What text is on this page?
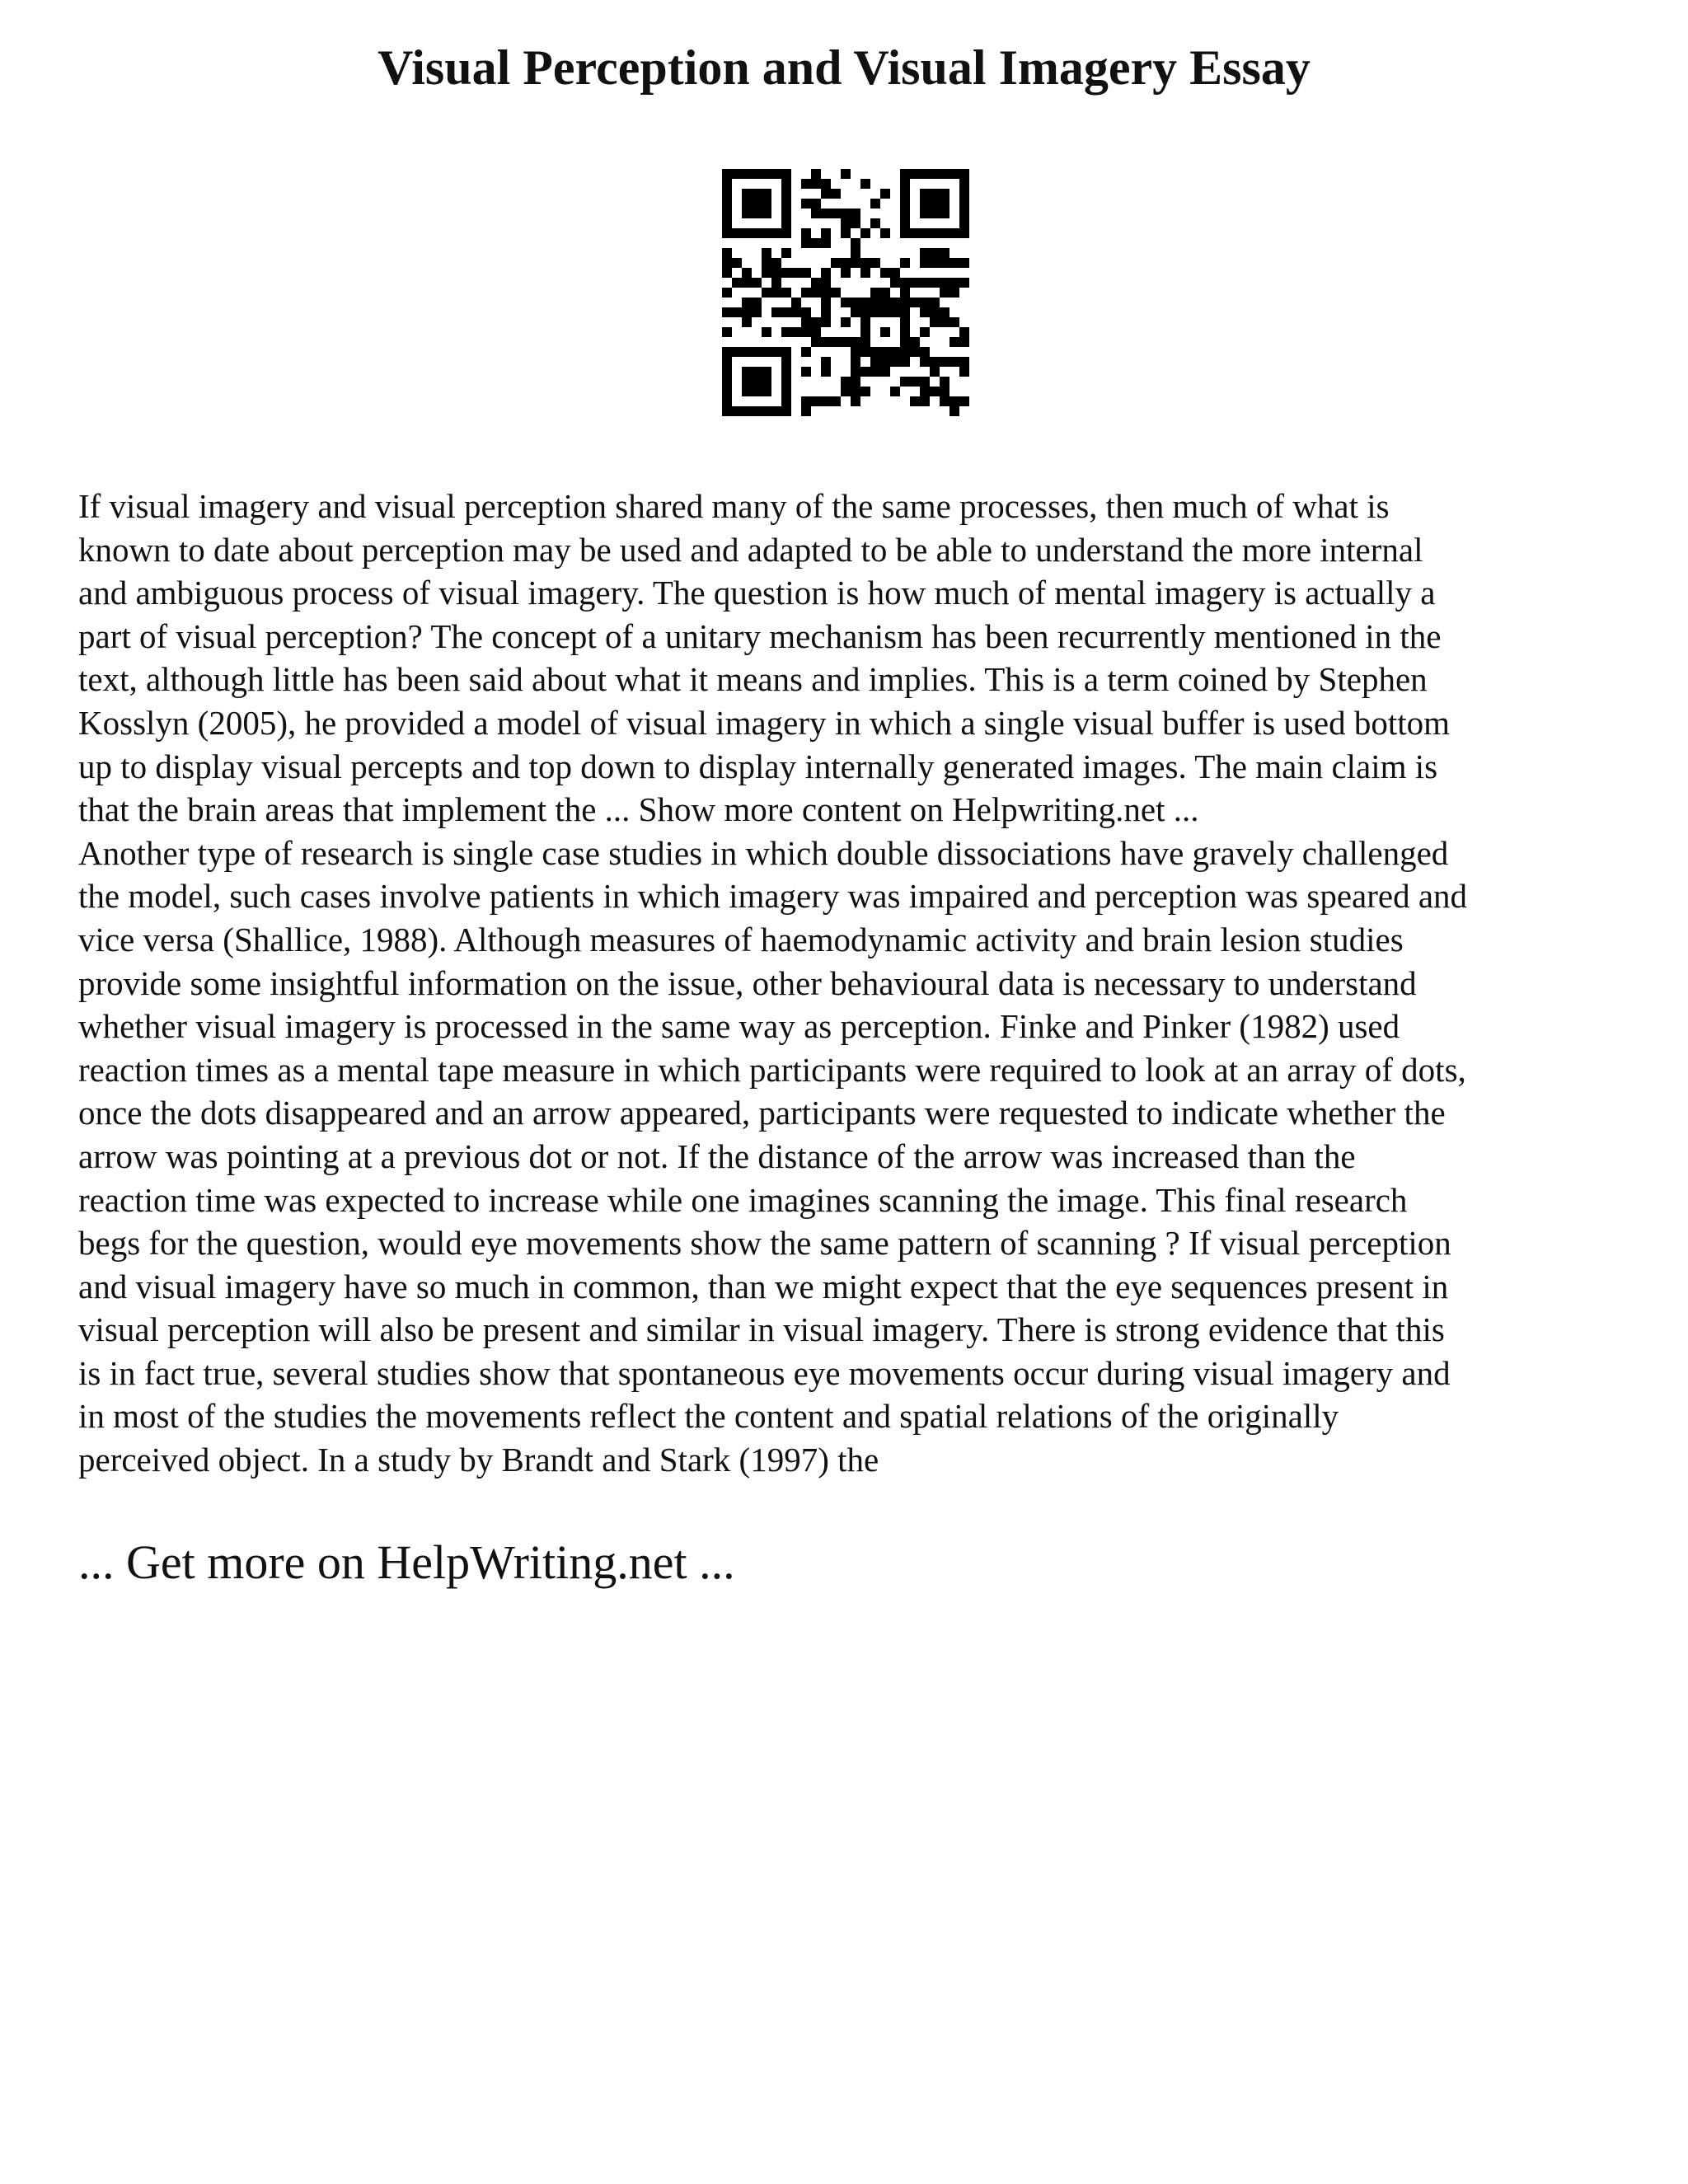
Visual Perception and Visual Imagery Essay

If visual imagery and visual perception shared many of the same processes, then much of what is
known to date about perception may be used and adapted to be able to understand the more internal
and ambiguous process of visual imagery. The question is how much of mental imagery is actually a
part of visual perception? The concept of a unitary mechanism has been recurrently mentioned in the
text, although little has been said about what it means and implies. This is a term coined by Stephen
Kosslyn (2005), he provided a model of visual imagery in which a single visual buffer is used bottom
up to display visual percepts and top down to display internally generated images. The main claim is
that the brain areas that implement the ... Show more content on Helpwriting.net ...

Another type of research is single case studies in which double dissociations have gravely challenged
the model, such cases involve patients in which imagery was impaired and perception was speared and
vice versa (Shallice, 1988). Although measures of haemodynamic activity and brain lesion studies
provide some insightful information on the issue, other behavioural data is necessary to understand
whether visual imagery is processed in the same way as perception. Finke and Pinker (1982) used
reaction times as a mental tape measure in which participants were required to look at an array of dots,
once the dots disappeared and an arrow appeared, participants were requested to indicate whether the
arrow was pointing at a previous dot or not. If the distance of the arrow was increased than the
reaction time was expected to increase while one imagines scanning the image. This final research
begs for the question, would eye movements show the same pattern of scanning ? If visual perception
and visual imagery have so much in common, than we might expect that the eye sequences present in
visual perception will also be present and similar in visual imagery. There is strong evidence that this
is in fact true, several studies show that spontaneous eye movements occur during visual imagery and
in most of the studies the movements reflect the content and spatial relations of the originally
perceived object. In a study by Brandt and Stark (1997) the

... Get more on HelpWriting.net ...
